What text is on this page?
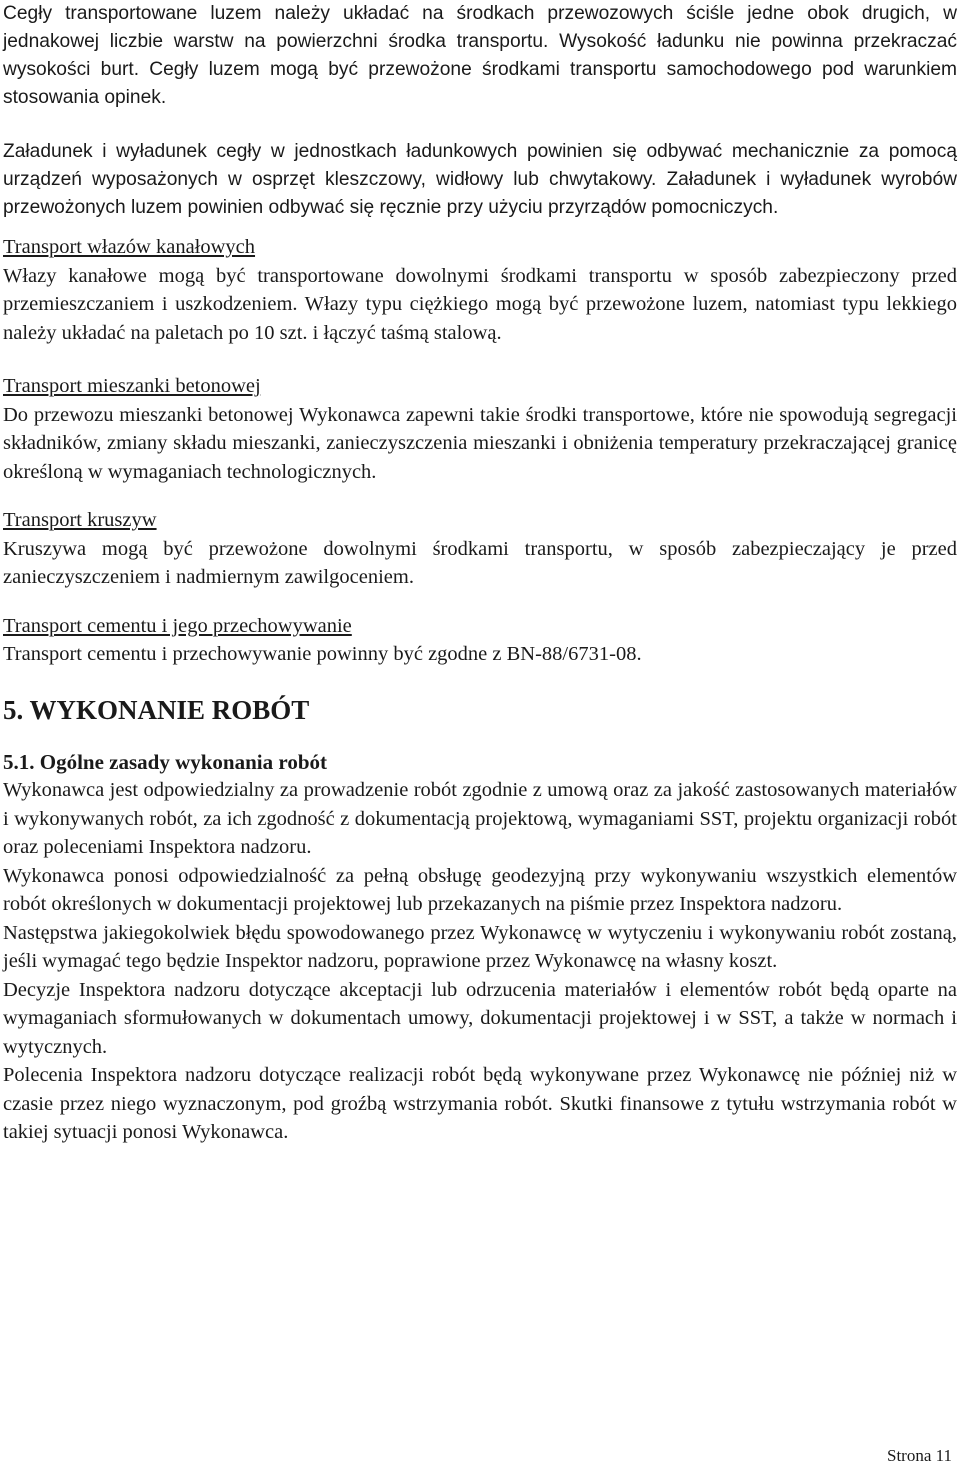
Cegły transportowane luzem należy układać na środkach przewozowych ściśle jedne obok drugich, w jednakowej liczbie warstw na powierzchni środka transportu. Wysokość ładunku nie powinna przekraczać wysokości burt. Cegły luzem mogą być przewożone środkami transportu samochodowego pod warunkiem stosowania opinek.

Załadunek i wyładunek cegły w jednostkach ładunkowych powinien się odbywać mechanicznie za pomocą urządzeń wyposażonych w osprzęt kleszczowy, widłowy lub chwytakowy. Załadunek i wyładunek wyrobów przewożonych luzem powinien odbywać się ręcznie przy użyciu przyrządów pomocniczych.

Transport włazów kanałowych

Włazy kanałowe mogą być transportowane dowolnymi środkami transportu w sposób zabezpieczony przed przemieszczaniem i uszkodzeniem. Włazy typu ciężkiego mogą być przewożone luzem, natomiast typu lekkiego należy układać na paletach po 10 szt. i łączyć taśmą stalową.

Transport mieszanki betonowej

Do przewozu mieszanki betonowej Wykonawca zapewni takie środki transportowe, które nie spowodują segregacji składników, zmiany składu mieszanki, zanieczyszczenia mieszanki i obniżenia temperatury przekraczającej granicę określoną w wymaganiach technologicznych.

Transport kruszyw

Kruszywa mogą być przewożone dowolnymi środkami transportu, w sposób zabezpieczający je przed zanieczyszczeniem i nadmiernym zawilgoceniem.

Transport cementu i jego przechowywanie

Transport cementu i przechowywanie powinny być zgodne z BN-88/6731-08.

5. WYKONANIE ROBÓT

5.1. Ogólne zasady wykonania robót

Wykonawca jest odpowiedzialny za prowadzenie robót zgodnie z umową oraz za jakość zastosowanych materiałów i wykonywanych robót, za ich zgodność z dokumentacją projektową, wymaganiami SST, projektu organizacji robót oraz poleceniami Inspektora nadzoru.

Wykonawca ponosi odpowiedzialność za pełną obsługę geodezyjną przy wykonywaniu wszystkich elementów robót określonych w dokumentacji projektowej lub przekazanych na piśmie przez Inspektora nadzoru.

Następstwa jakiegokolwiek błędu spowodowanego przez Wykonawcę w wytyczeniu i wykonywaniu robót zostaną, jeśli wymagać tego będzie Inspektor nadzoru, poprawione przez Wykonawcę na własny koszt.

Decyzje Inspektora nadzoru dotyczące akceptacji lub odrzucenia materiałów i elementów robót będą oparte na wymaganiach sformułowanych w dokumentach umowy, dokumentacji projektowej i w SST, a także w normach i wytycznych.

Polecenia Inspektora nadzoru dotyczące realizacji robót będą wykonywane przez Wykonawcę nie później niż w czasie przez niego wyznaczonym, pod groźbą wstrzymania robót. Skutki finansowe z tytułu wstrzymania robót w takiej sytuacji ponosi Wykonawca.

Strona 11
